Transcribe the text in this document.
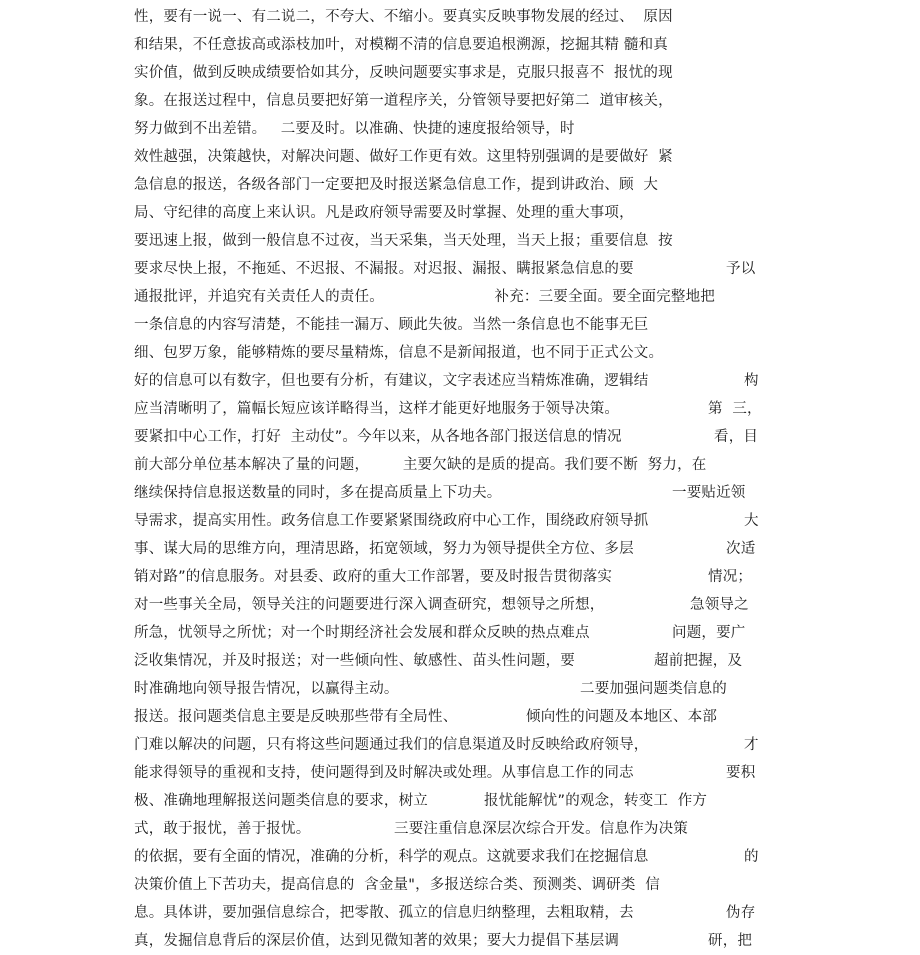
性，要有一说一、有二说二，不夸大、不缩小。要真实反映事物发展的经过、  原因
和结果，不任意拔高或添枝加叶，对模糊不清的信息要追根溯源，挖掘其精 髓和真
实价值，做到反映成绩要恰如其分，反映问题要实事求是，克服只报喜不  报忧的现
象。在报送过程中，信息员要把好第一道程序关，分管领导要把好第二  道审核关，
努力做到不出差错。   二要及时。以准确、快捷的速度报给领导，时
效性越强，决策越快，对解决问题、做好工作更有效。这里特别强调的是要做好  紧
急信息的报送，各级各部门一定要把及时报送紧急信息工作，提到讲政治、顾  大
局、守纪律的高度上来认识。凡是政府领导需要及时掌握、处理的重大事项，
要迅速上报，做到一般信息不过夜，当天采集，当天处理，当天上报；重要信息  按
要求尽快上报，不拖延、不迟报、不漏报。对迟报、漏报、瞒报紧急信息的要	予以
通报批评，并追究有关责任人的责任。                       补充：三要全面。要全面完整地把
一条信息的内容写清楚，不能挂一漏万、顾此失彼。当然一条信息也不能事无巨
细、包罗万象，能够精炼的要尽量精炼，信息不是新闻报道，也不同于正式公文。
好的信息可以有数字，但也要有分析，有建议，文字表述应当精炼准确，逻辑结	构
应当清晰明了，篇幅长短应该详略得当，这样才能更好地服务于领导决策。	第  三，
要紧扣中心工作，打好  主动仗”。今年以来，从各地各部门报送信息的情况	看，目
前大部分单位基本解决了量的问题，       主要欠缺的是质的提高。我们要不断  努力，在
继续保持信息报送数量的同时，多在提高质量上下功夫。	一要贴近领
导需求，提高实用性。政务信息工作要紧紧围绕政府中心工作，围绕政府领导抓	大
事、谋大局的思维方向，理清思路，拓宽领域，努力为领导提供全方位、多层	次适
销对路”的信息服务。对县委、政府的重大工作部署，要及时报告贯彻落实	情况；
对一些事关全局，领导关注的问题要进行深入调查研究，想领导之所想，	急领导之
所急，忧领导之所忧；对一个时期经济社会发展和群众反映的热点难点	问题，要广
泛收集情况，并及时报送；对一些倾向性、敏感性、苗头性问题，要	超前把握，及
时准确地向领导报告情况，以赢得主动。	二要加强问题类信息的
报送。报问题类信息主要是反映那些带有全局性、	倾向性的问题及本地区、本部
门难以解决的问题，只有将这些问题通过我们的信息渠道及时反映给政府领导，	才
能求得领导的重视和支持，使问题得到及时解决或处理。从事信息工作的同志	要积
极、准确地理解报送问题类信息的要求，树立	报忧能解忧”的观念，转变工  作方
式，敢于报忧，善于报忧。	三要注重信息深层次综合开发。信息作为决策
的依据，要有全面的情况，准确的分析，科学的观点。这就要求我们在挖掘信息	的
决策价值上下苦功夫，提高信息的  含金量"，多报送综合类、预测类、调研类  信
息。具体讲，要加强信息综合，把零散、孤立的信息归纳整理，去粗取精，去	伪存
真，发掘信息背后的深层价值，达到见微知著的效果；要大力提倡下基层调	研，把
